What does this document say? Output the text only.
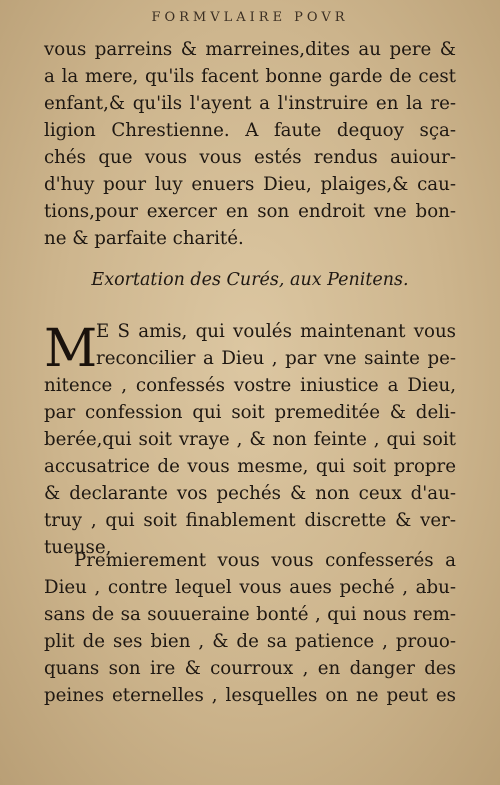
FORMVLAIRE POVR
vous parreins & marreines,dites au pere &
a la mere, qu'ils facent bonne garde de cest
enfant,& qu'ils l'ayent a l'instruire en la re-
ligion Chrestienne. A faute dequoy sça-
chés que vous vous estés rendus auiour-
d'huy pour luy enuers Dieu, plaiges,& cau-
tions,pour exercer en son endroit vne bon-
ne & parfaite charité.
Exortation des Curés, aux Penitens.
M
E S amis, qui voulés maintenant vous
reconcilier a Dieu , par vne sainte pe-
nitence , confessés vostre iniustice a Dieu,
par confession qui soit premeditée & deli-
berée,qui soit vraye , & non feinte , qui soit
accusatrice de vous mesme, qui soit propre
& declarante vos pechés & non ceux d'au-
truy , qui soit finablement discrette & ver-
tueuse,
Premierement vous vous confesserés a
Dieu , contre lequel vous aues peché , abu-
sans de sa souueraine bonté , qui nous rem-
plit de ses bien , & de sa patience , prouo-
quans son ire & courroux , en danger des
peines eternelles , lesquelles on ne peut es
